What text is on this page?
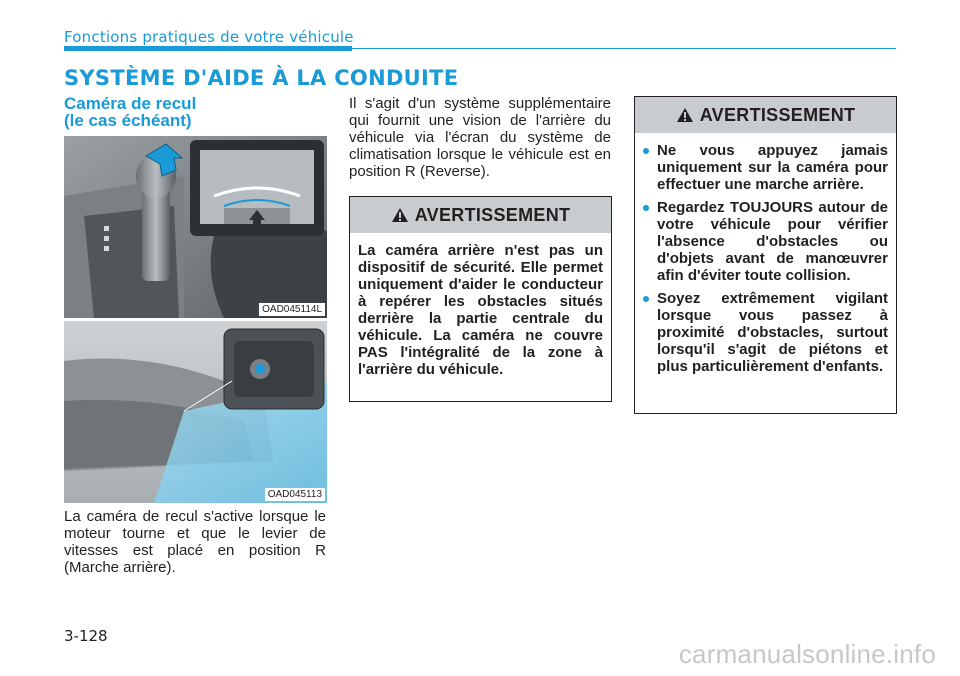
Fonctions pratiques de votre véhicule
SYSTÈME D'AIDE À LA CONDUITE
Caméra de recul
(le cas échéant)
OAD045114L
OAD045113
La caméra de recul s'active lorsque le moteur tourne et que le levier de vitesses est placé en position R (Marche arrière).
Il s'agit d'un système supplémentaire qui fournit une vision de l'arrière du véhicule via l'écran du système de climatisation lorsque le véhicule est en position R (Reverse).
AVERTISSEMENT
La caméra arrière n'est pas un dispositif de sécurité. Elle permet uniquement d'aider le conducteur à repérer les obstacles situés derrière la partie centrale du véhicule. La caméra ne couvre PAS l'intégralité de la zone à l'arrière du véhicule.
AVERTISSEMENT
Ne vous appuyez jamais uniquement sur la caméra pour effectuer une marche arrière.
Regardez TOUJOURS autour de votre véhicule pour vérifier l'absence d'obstacles ou d'objets avant de manœuvrer afin d'éviter toute collision.
Soyez extrêmement vigilant lorsque vous passez à proximité d'obstacles, surtout lorsqu'il s'agit de piétons et plus particulièrement d'enfants.
3-128
carmanualsonline.info
